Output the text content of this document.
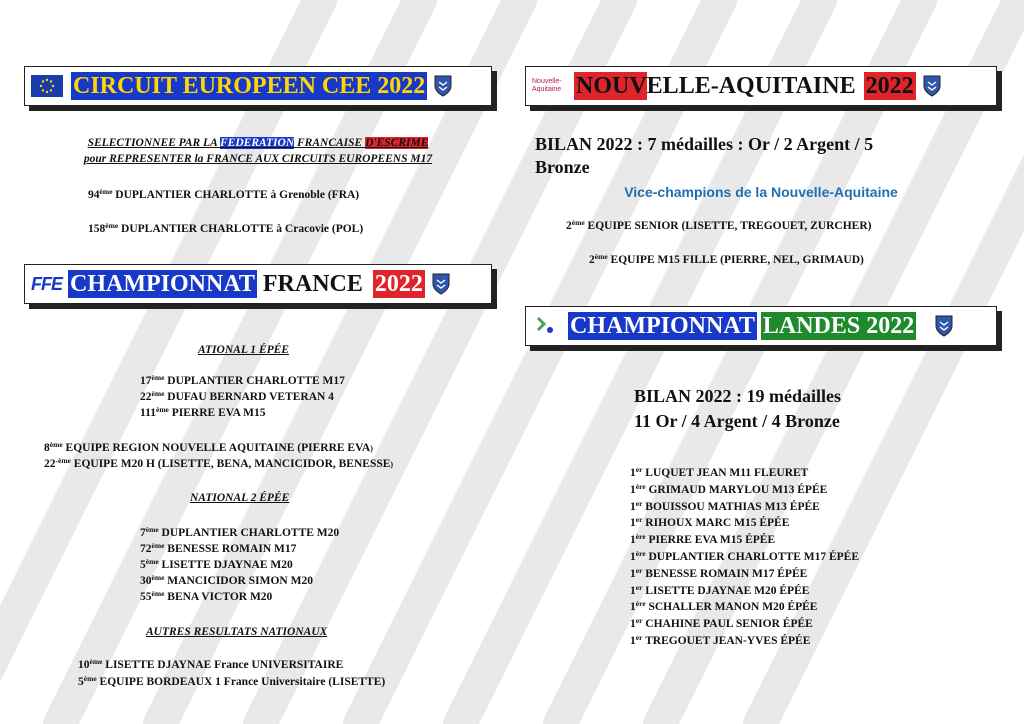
CIRCUIT EUROPEEN CEE 2022
SELECTIONNEE PAR LA FEDERATION FRANCAISE D'ESCRIME
pour REPRESENTER la FRANCE AUX CIRCUITS EUROPEENS M17
94ème DUPLANTIER CHARLOTTE à Grenoble (FRA)
158ème DUPLANTIER CHARLOTTE à Cracovie (POL)
FFE CHAMPIONNAT FRANCE 2022
ATIONAL 1 ÉPÉE
17ème DUPLANTIER CHARLOTTE M17
22ème DUFAU BERNARD VETERAN 4
111ème PIERRE EVA M15
8ème EQUIPE REGION NOUVELLE AQUITAINE (PIERRE EVA)
$22^{-ème}$ EQUIPE M20 H (LISETTE, BENA, MANCICIDOR, BENESSE)
NATIONAL 2 ÉPÉE
7ème DUPLANTIER CHARLOTTE M20
72ème BENESSE ROMAIN M17
5ème LISETTE DJAYNAE M20
30ème MANCICIDOR SIMON M20
55ème BENA VICTOR M20
AUTRES RESULTATS NATIONAUX
10ème LISETTE DJAYNAE France UNIVERSITAIRE
5ème EQUIPE BORDEAUX 1 France Universitaire (LISETTE)
Nouvelle-
Aquitaine NOUV ELLE-AQUITAINE 2022
BILAN 2022 : 7 médailles : Or / 2 Argent / 5
Bronze
Vice-champions de la Nouvelle-Aquitaine
2ème EQUIPE SENIOR (LISETTE, TREGOUET, ZURCHER)
2ème EQUIPE M15 FILLE (PIERRE, NEL, GRIMAUD)
CHAMPIONNAT LANDES 2022
BILAN 2022 : 19 médailles
11 Or / 4 Argent / 4 Bronze
1er LUQUET JEAN M11 FLEURET
1ère GRIMAUD MARYLOU M13 ÉPÉE
1er BOUISSOU MATHIAS M13 ÉPÉE
1er RIHOUX MARC M15 ÉPÉE
1ère PIERRE EVA M15 ÉPÉE
1ère DUPLANTIER CHARLOTTE M17 ÉPÉE
1er BENESSE ROMAIN M17 ÉPÉE
1er LISETTE DJAYNAE M20 ÉPÉE
1ère SCHALLER MANON M20 ÉPÉE
1er CHAHINE PAUL SENIOR ÉPÉE
1er TREGOUET JEAN-YVES ÉPÉE
